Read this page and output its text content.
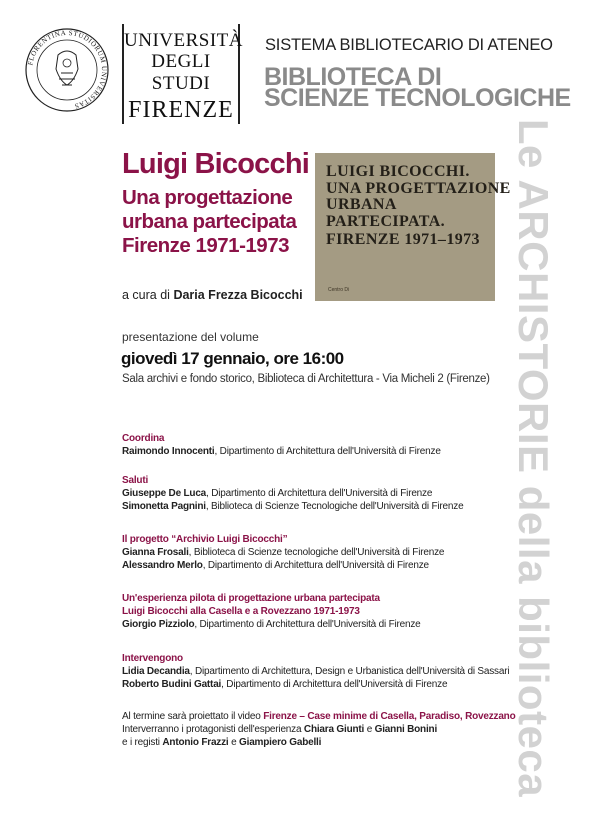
FLORENTINA STUDIORUM UNIVERSITAS
UNIVERSITÀ
DEGLI STUDI
FIRENZE
SISTEMA BIBLIOTECARIO DI ATENEO
BIBLIOTECA DI
SCIENZE TECNOLOGICHE
Le ARCHISTORIE della biblioteca
Luigi Bicocchi
Una progettazione
urbana partecipata
Firenze 1971-1973
LUIGI BICOCCHI.
UNA PROGETTAZIONE
URBANA
PARTECIPATA.
FIRENZE 1971–1973
Centro Di
a cura di Daria Frezza Bicocchi
presentazione del volume
giovedì 17 gennaio, ore 16:00
Sala archivi e fondo storico, Biblioteca di Architettura - Via Micheli 2 (Firenze)
Coordina
Raimondo Innocenti, Dipartimento di Architettura dell'Università di Firenze
Saluti
Giuseppe De Luca, Dipartimento di Architettura dell'Università di Firenze
Simonetta Pagnini, Biblioteca di Scienze Tecnologiche dell'Università di Firenze
Il progetto “Archivio Luigi Bicocchi”
Gianna Frosali, Biblioteca di Scienze tecnologiche dell'Università di Firenze
Alessandro Merlo, Dipartimento di Architettura dell'Università di Firenze
Un'esperienza pilota di progettazione urbana partecipata
Luigi Bicocchi alla Casella e a Rovezzano 1971-1973
Giorgio Pizziolo, Dipartimento di Architettura dell'Università di Firenze
Intervengono
Lidia Decandia, Dipartimento di Architettura, Design e Urbanistica dell'Università di Sassari
Roberto Budini Gattai, Dipartimento di Architettura dell'Università di Firenze
Al termine sarà proiettato il video Firenze – Case minime di Casella, Paradiso, Rovezzano
Interverranno i protagonisti dell'esperienza Chiara Giunti e Gianni Bonini
e i registi Antonio Frazzi e Giampiero Gabelli
